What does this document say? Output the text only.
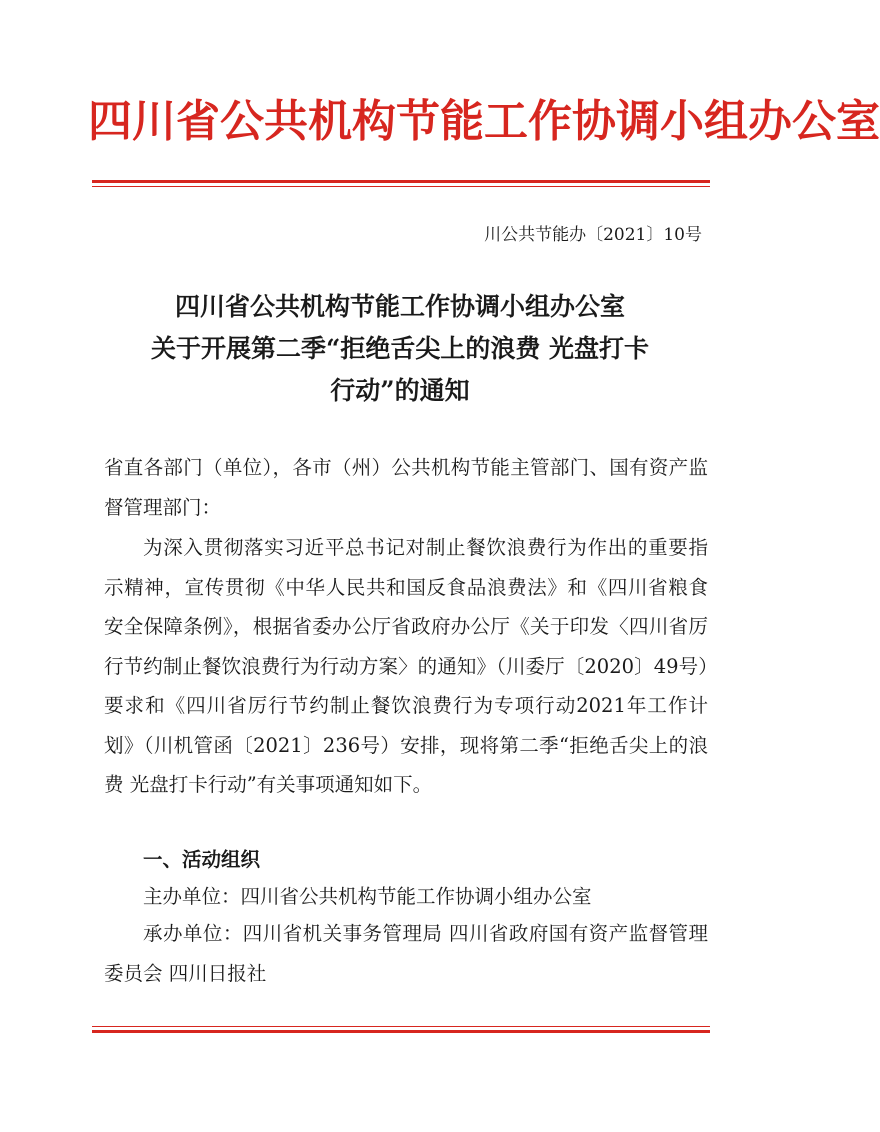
四川省公共机构节能工作协调小组办公室
川公共节能办〔2021〕10号
四川省公共机构节能工作协调小组办公室
关于开展第二季“拒绝舌尖上的浪费 光盘打卡
行动”的通知
省直各部门（单位），各市（州）公共机构节能主管部门、国有资产监督管理部门：
为深入贯彻落实习近平总书记对制止餐饮浪费行为作出的重要指示精神，宣传贯彻《中华人民共和国反食品浪费法》和《四川省粮食安全保障条例》，根据省委办公厅省政府办公厅《关于印发〈四川省厉行节约制止餐饮浪费行为行动方案〉的通知》（川委厅〔2020〕49号）要求和《四川省厉行节约制止餐饮浪费行为专项行动2021年工作计划》（川机管函〔2021〕236号）安排，现将第二季“拒绝舌尖上的浪费 光盘打卡行动”有关事项通知如下。
一、活动组织
主办单位：四川省公共机构节能工作协调小组办公室
承办单位：四川省机关事务管理局 四川省政府国有资产监督管理委员会 四川日报社
